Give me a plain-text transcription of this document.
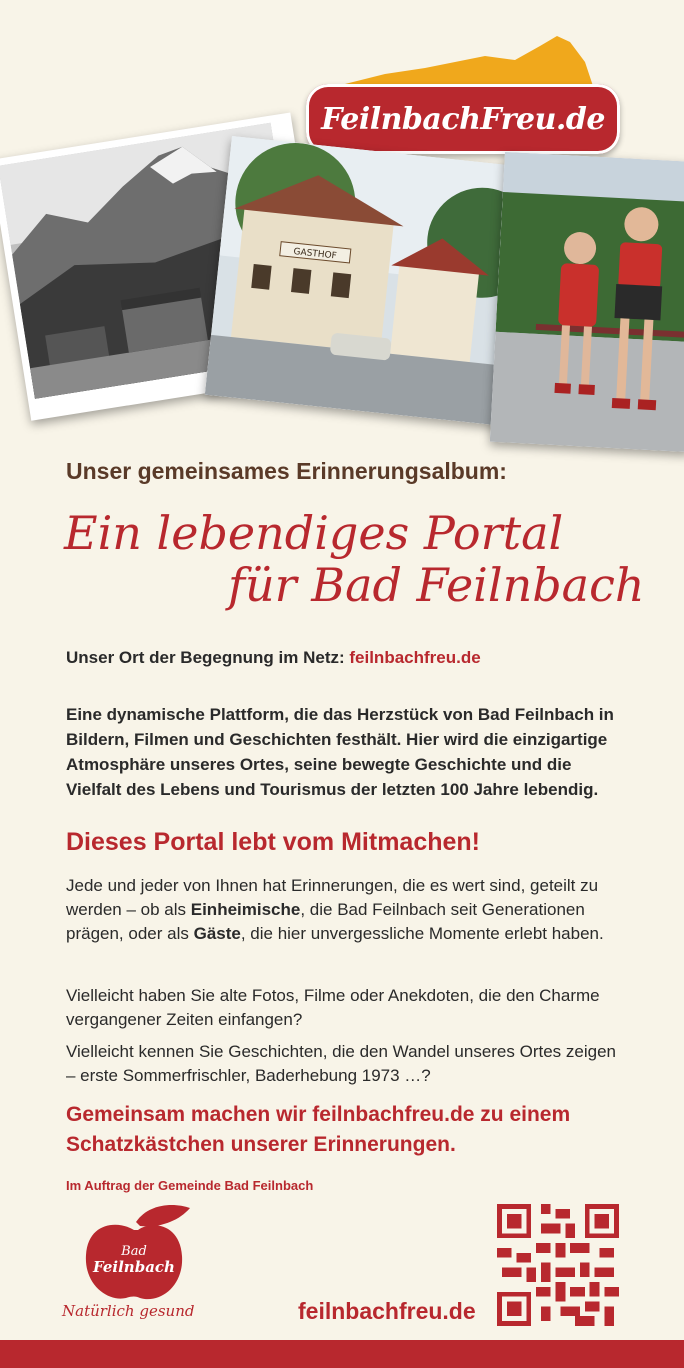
FeilnbachFreu.de
GASTHOF
Unser gemeinsames Erinnerungsalbum:
Ein lebendiges Portal
für Bad Feilnbach
Unser Ort der Begegnung im Netz: feilnbachfreu.de
Eine dynamische Plattform, die das Herzstück von Bad Feilnbach in Bildern, Filmen und Geschichten festhält. Hier wird die einzigartige Atmosphäre unseres Ortes, seine bewegte Geschichte und die Vielfalt des Lebens und Tourismus der letzten 100 Jahre lebendig.
Dieses Portal lebt vom Mitmachen!
Jede und jeder von Ihnen hat Erinnerungen, die es wert sind, geteilt zu werden – ob als Einheimische, die Bad Feilnbach seit Generationen prägen, oder als Gäste, die hier unvergessliche Momente erlebt haben.
Vielleicht haben Sie alte Fotos, Filme oder Anekdoten, die den Charme vergangener Zeiten einfangen?
Vielleicht kennen Sie Geschichten, die den Wandel unseres Ortes zeigen – erste Sommerfrischler, Baderhebung 1973 …?
Gemeinsam machen wir feilnbachfreu.de zu einem Schatzkästchen unserer Erinnerungen.
Im Auftrag der Gemeinde Bad Feilnbach
Bad
Feilnbach
Natürlich gesund	feilnbachfreu.de
